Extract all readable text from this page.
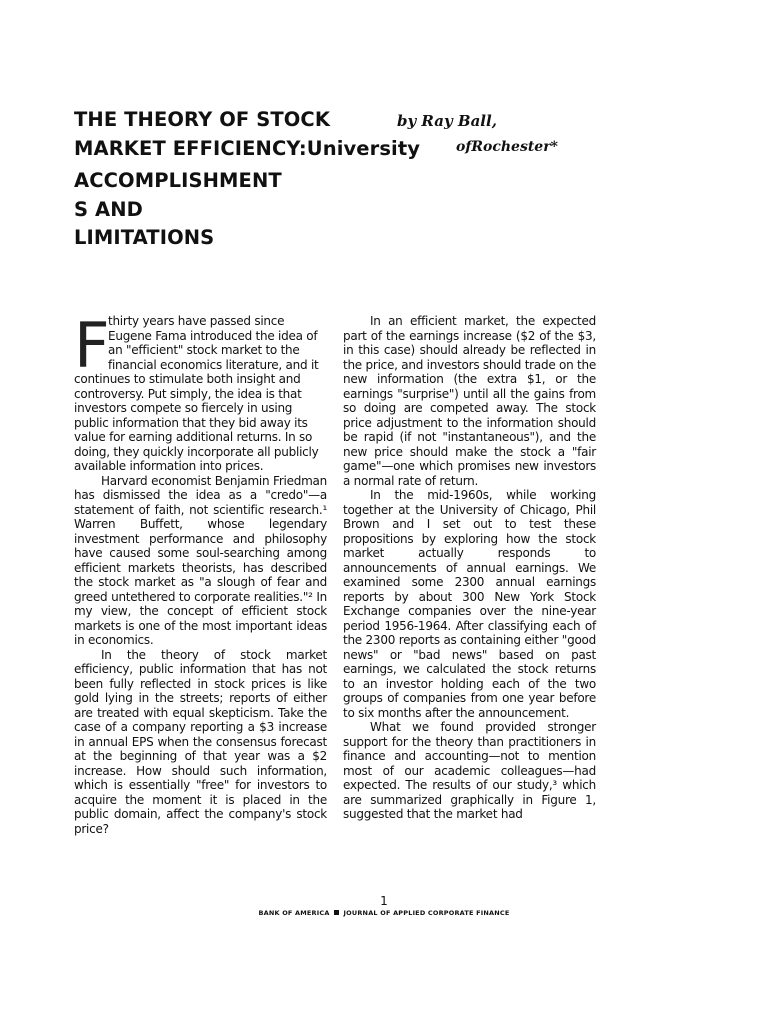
THE THEORY OF STOCK
MARKET EFFICIENCY:University
ACCOMPLISHMENT
S AND
LIMITATIONS
by Ray Ball,
ofRochester*
F

thirty years have passed since Eugene Fama introduced the idea of an "efficient" stock market to the financial economics literature, and it continues to stimulate both insight and controversy. Put simply, the idea is that investors compete so fiercely in using public information that they bid away its value for earning additional returns. In so doing, they quickly incorporate all publicly available information into prices.

Harvard economist Benjamin Friedman has dismissed the idea as a "credo"—a statement of faith, not scientific research.¹ Warren Buffett, whose legendary investment performance and philosophy have caused some soul-searching among efficient markets theorists, has described the stock market as "a slough of fear and greed untethered to corporate realities."² In my view, the concept of efficient stock markets is one of the most important ideas in economics.

In the theory of stock market efficiency, public information that has not been fully reflected in stock prices is like gold lying in the streets; reports of either are treated with equal skepticism. Take the case of a company reporting a $3 increase in annual EPS when the consensus forecast at the beginning of that year was a $2 increase. How should such information, which is essentially "free" for investors to acquire the moment it is placed in the public domain, affect the company's stock price?

In an efficient market, the expected part of the earnings increase ($2 of the $3, in this case) should already be reflected in the price, and investors should trade on the new information (the extra $1, or the earnings "surprise") until all the gains from so doing are competed away. The stock price adjustment to the information should be rapid (if not "instantaneous"), and the new price should make the stock a "fair game"—one which promises new investors a normal rate of return.

In the mid-1960s, while working together at the University of Chicago, Phil Brown and I set out to test these propositions by exploring how the stock market actually responds to announcements of annual earnings. We examined some 2300 annual earnings reports by about 300 New York Stock Exchange companies over the nine-year period 1956-1964. After classifying each of the 2300 reports as containing either "good news" or "bad news" based on past earnings, we calculated the stock returns to an investor holding each of the two groups of companies from one year before to six months after the announcement.

What we found provided stronger support for the theory than practitioners in finance and accounting—not to mention most of our academic colleagues—had expected. The results of our study,³ which are summarized graphically in Figure 1, suggested that the market had

1
BANK OF AMERICA JOURNAL OF APPLIED CORPORATE FINANCE
